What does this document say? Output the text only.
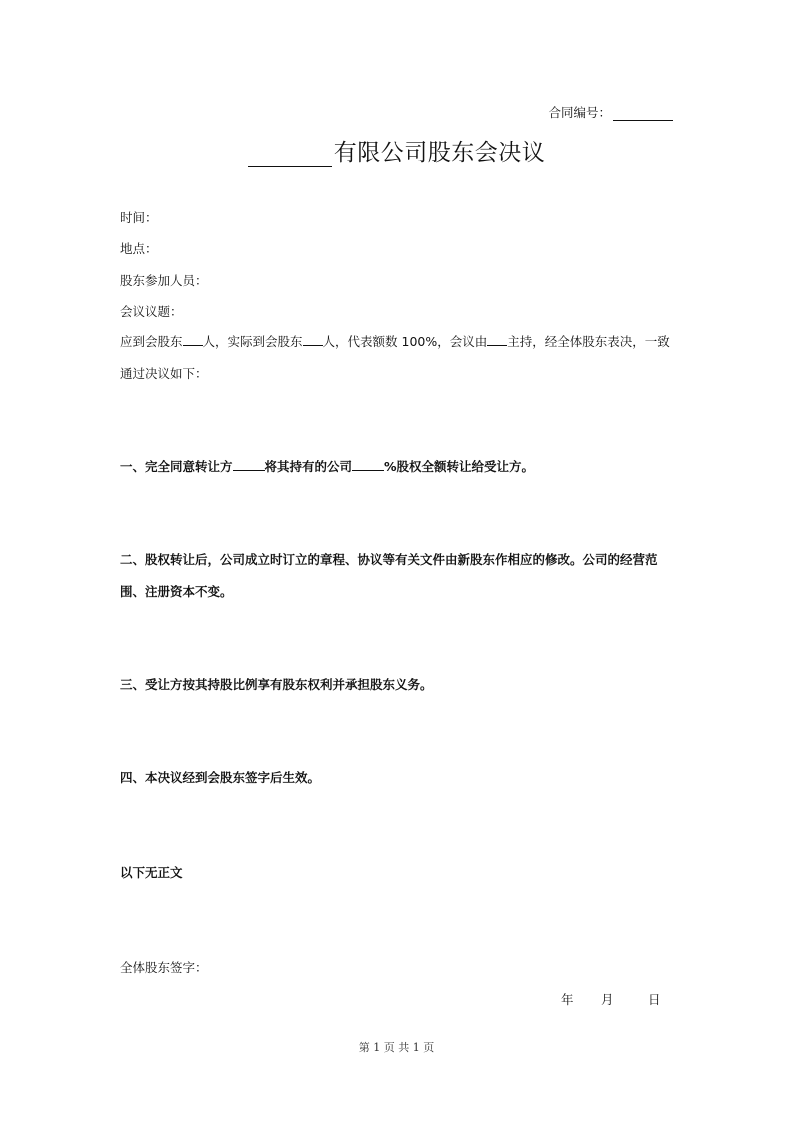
合同编号：
有限公司股东会决议
时间：
地点：
股东参加人员：
会议议题：
应到会股东 人，实际到会股东 人，代表额数 100%，会议由 主持，经全体股东表决，一致通过决议如下：
一、完全同意转让方	将其持有的公司	%股权全额转让给受让方。
二、股权转让后，公司成立时订立的章程、协议等有关文件由新股东作相应的修改。公司的经营范围、注册资本不变。
三、受让方按其持股比例享有股东权利并承担股东义务。
四、本决议经到会股东签字后生效。
以下无正文
全体股东签字：
年 月	日
第 1 页 共 1 页
